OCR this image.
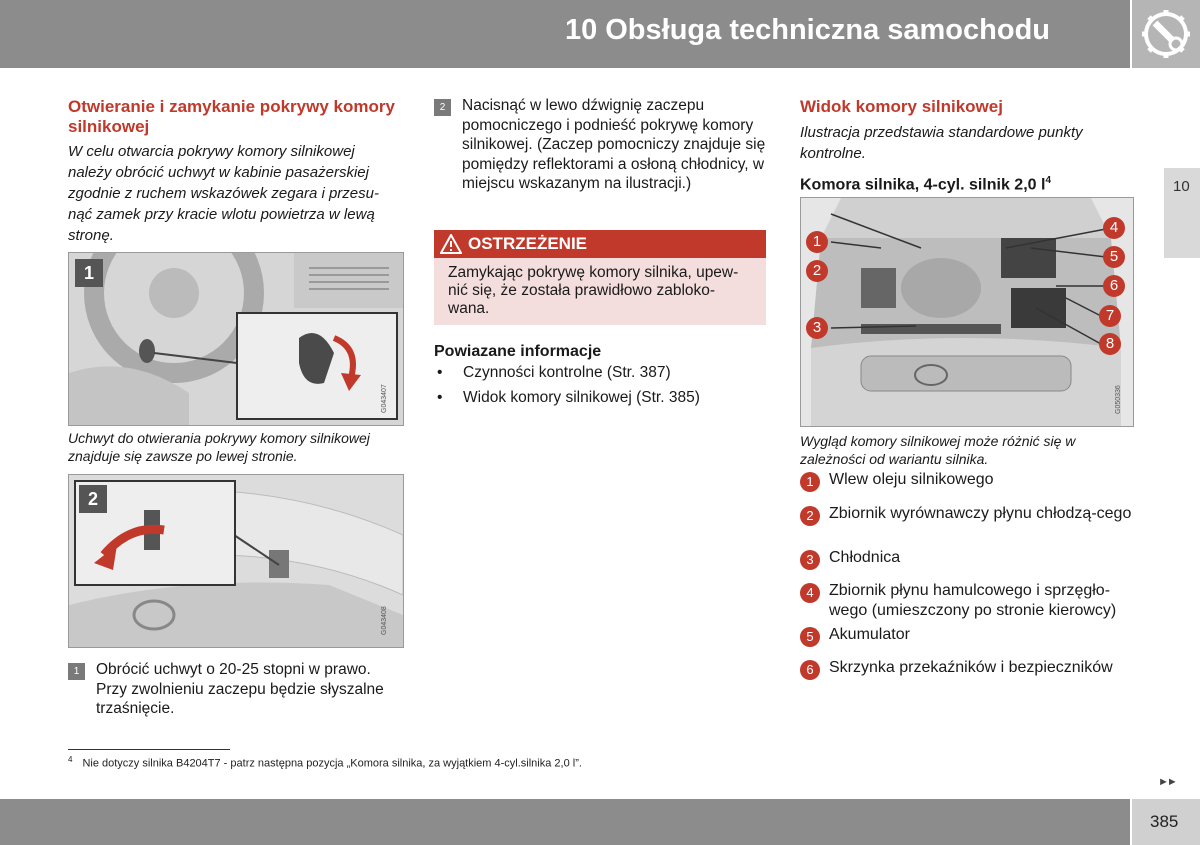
10 Obsługa techniczna samochodu
10
Otwieranie i zamykanie pokrywy komory silnikowej

W celu otwarcia pokrywy komory silnikowej należy obrócić uchwyt w kabinie pasażerskiej zgodnie z ruchem wskazówek zegara i przesu-nąć zamek przy kracie wlotu powietrza w lewą stronę.

1
G043407
Uchwyt do otwierania pokrywy komory silnikowej znajduje się zawsze po lewej stronie.
2
G043408
1	Obrócić uchwyt o 20-25 stopni w prawo. Przy zwolnieniu zaczepu będzie słyszalne trzaśnięcie.
2	Nacisnąć w lewo dźwignię zaczepu pomocniczego i podnieść pokrywę komory silnikowej. (Zaczep pomocniczy znajduje się pomiędzy reflektorami a osłoną chłodnicy, w miejscu wskazanym na ilustracji.)
OSTRZEŻENIE
Zamykając pokrywę komory silnika, upew-nić się, że została prawidłowo zabloko-wana.
Powiazane informacje
• Czynności kontrolne (Str. 387)
• Widok komory silnikowej (Str. 385)
Widok komory silnikowej

Ilustracja przedstawia standardowe punkty kontrolne.

Komora silnika, 4-cyl. silnik 2,0 $l^4$
1
2
3
4
5
6
7
8
G050336
Wygląd komory silnikowej może różnić się w zależności od wariantu silnika.
1 Wlew oleju silnikowego
2 Zbiornik wyrównawczy płynu chłodzą-cego
3 Chłodnica
4 Zbiornik płynu hamulcowego i sprzęgło-wego (umieszczony po stronie kierowcy)
5 Akumulator
6 Skrzynka przekaźników i bezpieczników
$^4$ Nie dotyczy silnika B4204T7 - patrz następna pozycja „Komora silnika, za wyjątkiem 4-cyl.silnika 2,0 l”.
►►
385
